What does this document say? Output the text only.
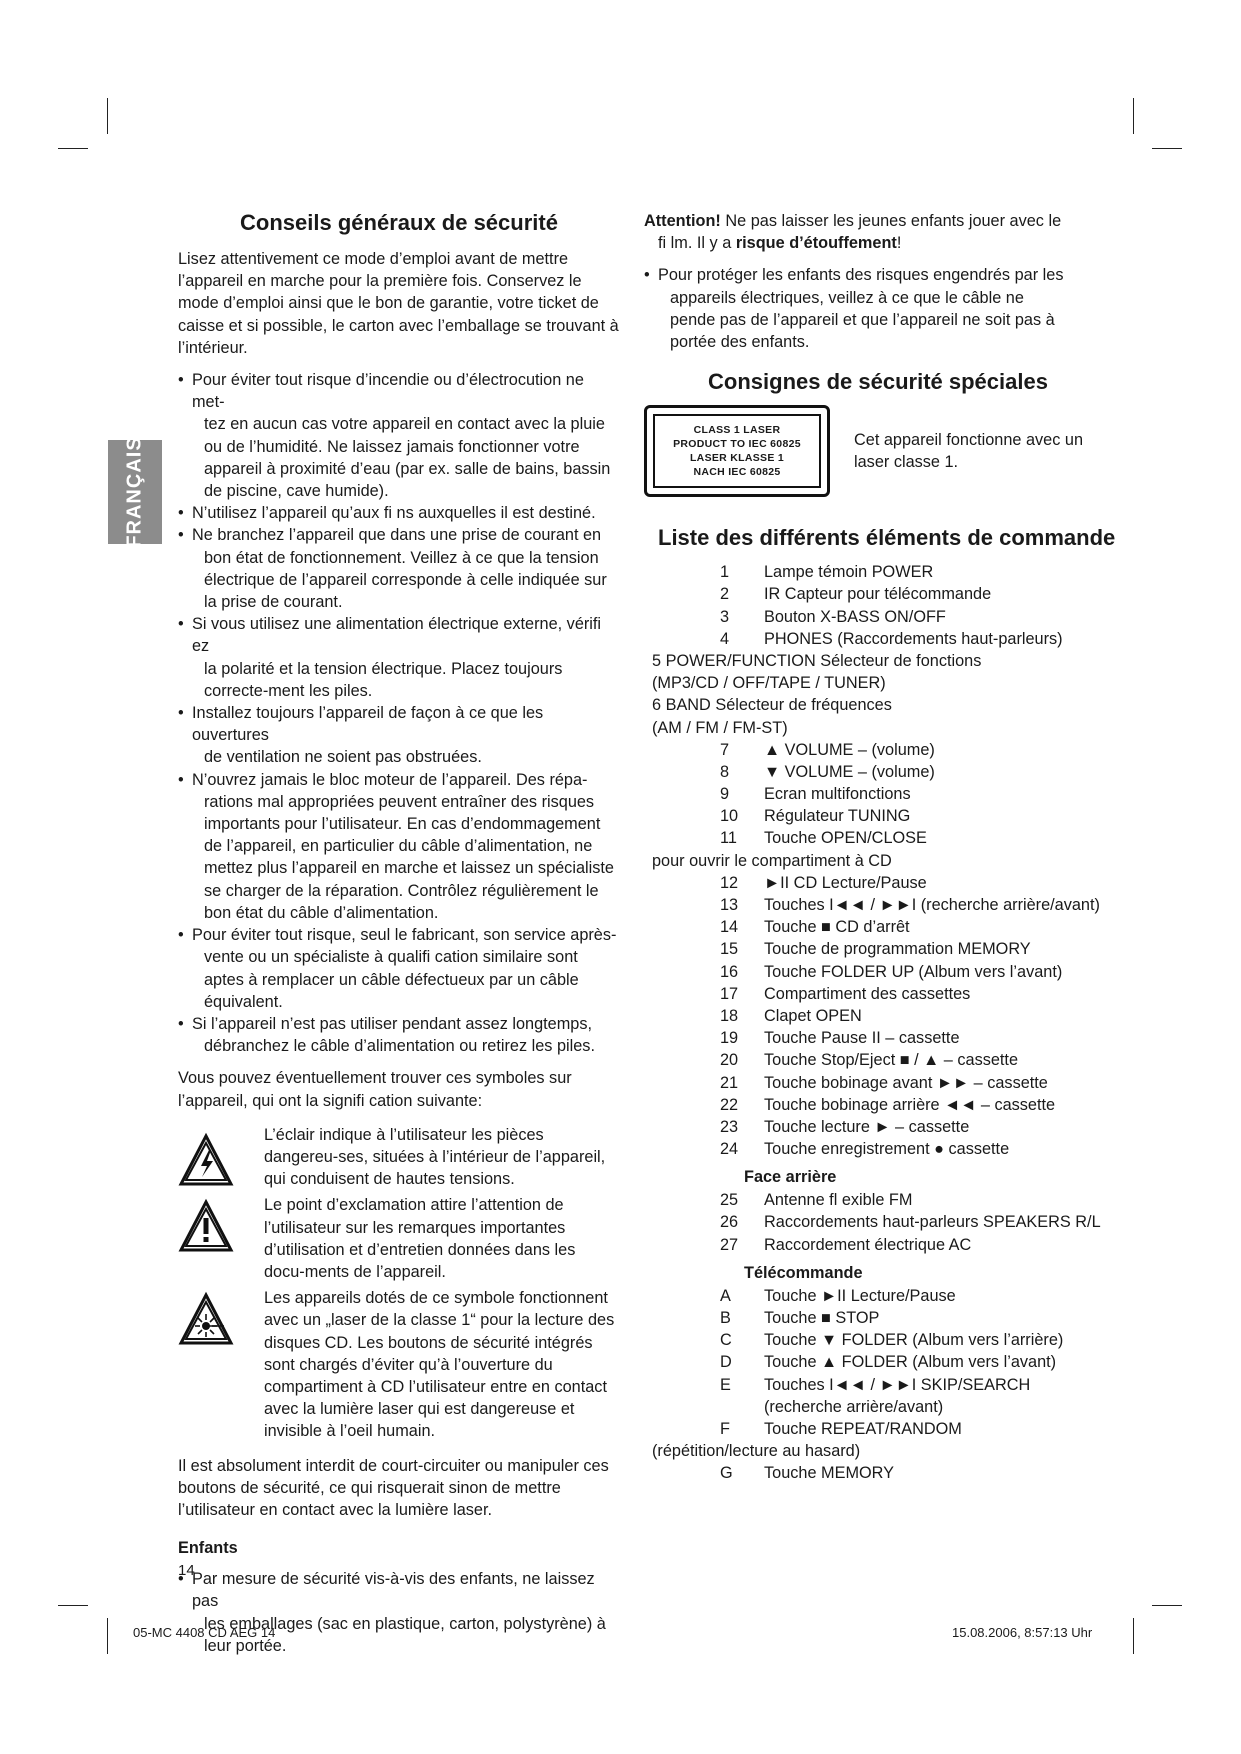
FRANÇAIS
Conseils généraux de sécurité

Lisez attentivement ce mode d’emploi avant de mettre l’appareil en marche pour la première fois. Conservez le mode d’emploi ainsi que le bon de garantie, votre ticket de caisse et si possible, le carton avec l’emballage se trouvant à l’intérieur.

• Pour éviter tout risque d’incendie ou d’électrocution ne met-
tez en aucun cas votre appareil en contact avec la pluie ou de l’humidité. Ne laissez jamais fonctionner votre appareil à proximité d’eau (par ex. salle de bains, bassin de piscine, cave humide).
• N’utilisez l’appareil qu’aux fi ns auxquelles il est destiné.
• Ne branchez l’appareil que dans une prise de courant en
bon état de fonctionnement. Veillez à ce que la tension électrique de l’appareil corresponde à celle indiquée sur la prise de courant.
• Si vous utilisez une alimentation électrique externe, vérifi ez
la polarité et la tension électrique. Placez toujours correcte-ment les piles.
• Installez toujours l’appareil de façon à ce que les ouvertures
de ventilation ne soient pas obstruées.
• N’ouvrez jamais le bloc moteur de l’appareil. Des répa-
rations mal appropriées peuvent entraîner des risques importants pour l’utilisateur. En cas d’endommagement de l’appareil, en particulier du câble d’alimentation, ne mettez plus l’appareil en marche et laissez un spécialiste se charger de la réparation. Contrôlez régulièrement le bon état du câble d’alimentation.
• Pour éviter tout risque, seul le fabricant, son service après-
vente ou un spécialiste à qualifi cation similaire sont aptes à remplacer un câble défectueux par un câble équivalent.
• Si l’appareil n’est pas utiliser pendant assez longtemps,
débranchez le câble d’alimentation ou retirez les piles.

Vous pouvez éventuellement trouver ces symboles sur l’appareil, qui ont la signifi cation suivante:

L’éclair indique à l’utilisateur les pièces dangereu-ses, situées à l’intérieur de l’appareil, qui conduisent de hautes tensions.
Le point d’exclamation attire l’attention de l’utilisateur sur les remarques importantes d’utilisation et d’entretien données dans les docu-ments de l’appareil.
Les appareils dotés de ce symbole fonctionnent avec un „laser de la classe 1“ pour la lecture des disques CD. Les boutons de sécurité intégrés sont chargés d’éviter qu’à l’ouverture du compartiment à CD l’utilisateur entre en contact avec la lumière laser qui est dangereuse et invisible à l’oeil humain.

Il est absolument interdit de court-circuiter ou manipuler ces boutons de sécurité, ce qui risquerait sinon de mettre l’utilisateur en contact avec la lumière laser.

Enfants
• Par mesure de sécurité vis-à-vis des enfants, ne laissez pas
les emballages (sac en plastique, carton, polystyrène) à leur portée.
14

Attention! Ne pas laisser les jeunes enfants jouer avec le
fi lm. Il y a risque d’étouffement!

• Pour protéger les enfants des risques engendrés par les
appareils électriques, veillez à ce que le câble ne pende pas de l’appareil et que l’appareil ne soit pas à portée des enfants.
Consignes de sécurité spéciales
CLASS 1 LASER
PRODUCT TO IEC 60825
LASER KLASSE 1
NACH IEC 60825
Cet appareil fonctionne avec un laser classe 1.
Liste des différents éléments de commande
1	Lampe témoin POWER
2	IR Capteur pour télécommande
3	Bouton X-BASS ON/OFF
4	PHONES (Raccordements haut-parleurs)
5 POWER/FUNCTION Sélecteur de fonctions
(MP3/CD / OFF/TAPE / TUNER)
6 BAND Sélecteur de fréquences
(AM / FM / FM-ST)
7	▲ VOLUME – (volume)
8	▼ VOLUME – (volume)
9	Ecran multifonctions
10	Régulateur TUNING
11	Touche OPEN/CLOSE
pour ouvrir le compartiment à CD
12	►II CD Lecture/Pause
13	Touches I◄◄ / ►►I (recherche arrière/avant)
14	Touche ■ CD d’arrêt
15	Touche de programmation MEMORY
16	Touche FOLDER UP (Album vers l’avant)
17	Compartiment des cassettes
18	Clapet OPEN
19	Touche Pause II – cassette
20	Touche Stop/Eject ■ / ▲ – cassette
21	Touche bobinage avant ►► – cassette
22	Touche bobinage arrière ◄◄ – cassette
23	Touche lecture ► – cassette
24	Touche enregistrement ● cassette
Face arrière
25	Antenne fl exible FM
26	Raccordements haut-parleurs SPEAKERS R/L
27	Raccordement électrique AC
Télécommande
A	Touche ►II Lecture/Pause
B	Touche ■ STOP
C	Touche ▼ FOLDER (Album vers l’arrière)
D	Touche ▲ FOLDER (Album vers l’avant)
E	Touches I◄◄ / ►►I SKIP/SEARCH
(recherche arrière/avant)
F	Touche REPEAT/RANDOM
(répétition/lecture au hasard)
G	Touche MEMORY
05-MC 4408 CD AEG 14	15.08.2006, 8:57:13 Uhr
